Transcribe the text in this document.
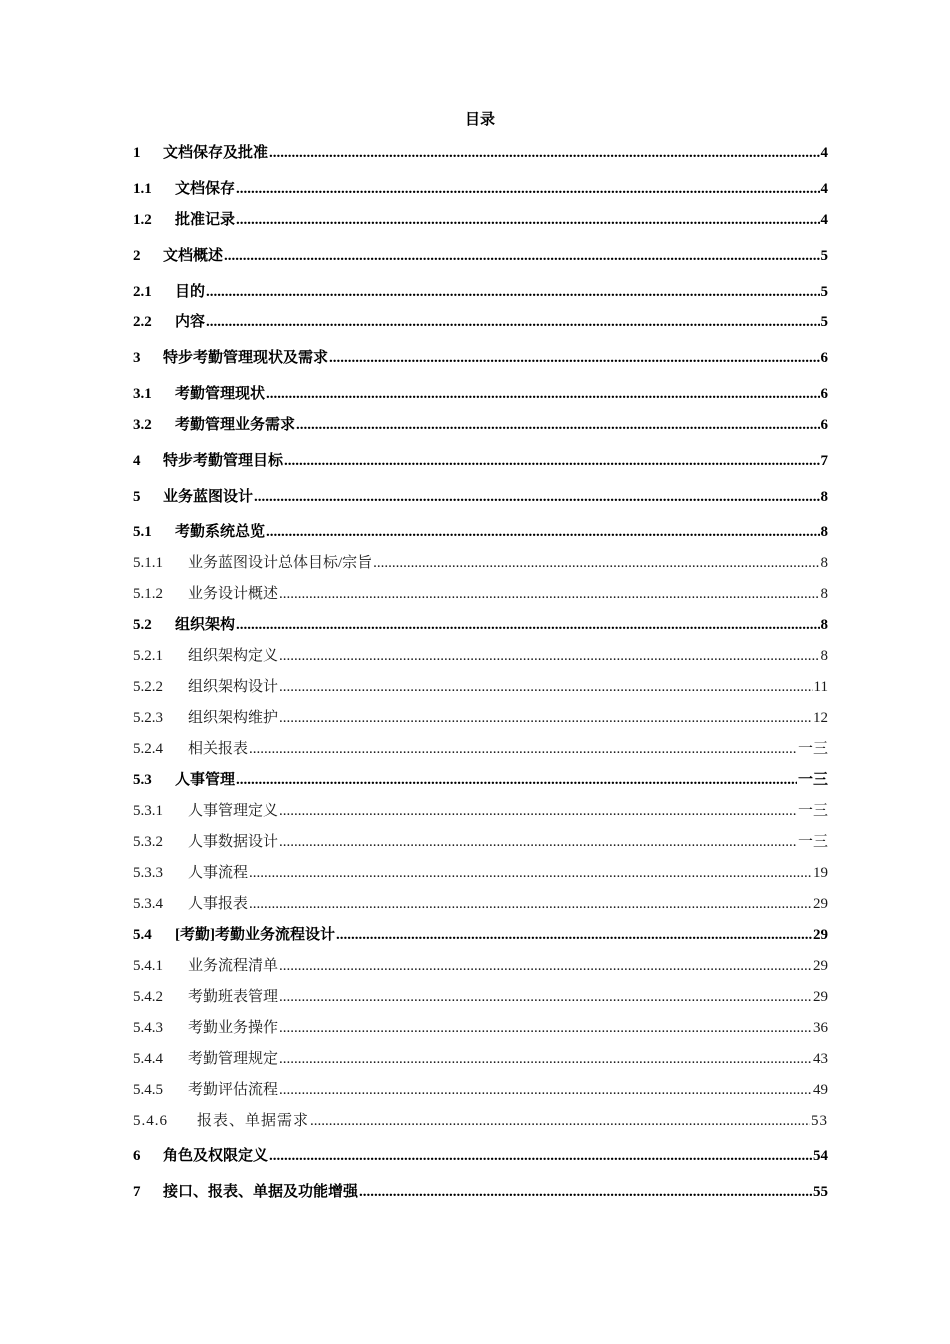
目录
1	文档保存及批准 .....	4
1.1	文档保存 .....	4
1.2	批准记录 .....	4
2	文档概述 .....	5
2.1	目的 .....	5
2.2	内容 .....	5
3	特步考勤管理现状及需求 .....	6
3.1	考勤管理现状 .....	6
3.2	考勤管理业务需求 .....	6
4	特步考勤管理目标 .....	7
5	业务蓝图设计 .....	8
5.1	考勤系统总览 .....	8
5.1.1	业务蓝图设计总体目标/宗旨 .....	8
5.1.2	业务设计概述 .....	8
5.2	组织架构 .....	8
5.2.1	组织架构定义 .....	8
5.2.2	组织架构设计 .....	11
5.2.3	组织架构维护 .....	12
5.2.4	相关报表 .....	一三
5.3	人事管理 .....	一三
5.3.1	人事管理定义 .....	一三
5.3.2	人事数据设计 .....	一三
5.3.3	人事流程 .....	19
5.3.4	人事报表 .....	29
5.4	[考勤]考勤业务流程设计 .....	29
5.4.1	业务流程清单 .....	29
5.4.2	考勤班表管理 .....	29
5.4.3	考勤业务操作 .....	36
5.4.4	考勤管理规定 .....	43
5.4.5	考勤评估流程 .....	49
5.4.6	报表、单据需求 .....	53
6	角色及权限定义 .....	54
7	接口、报表、单据及功能增强 .....	55
